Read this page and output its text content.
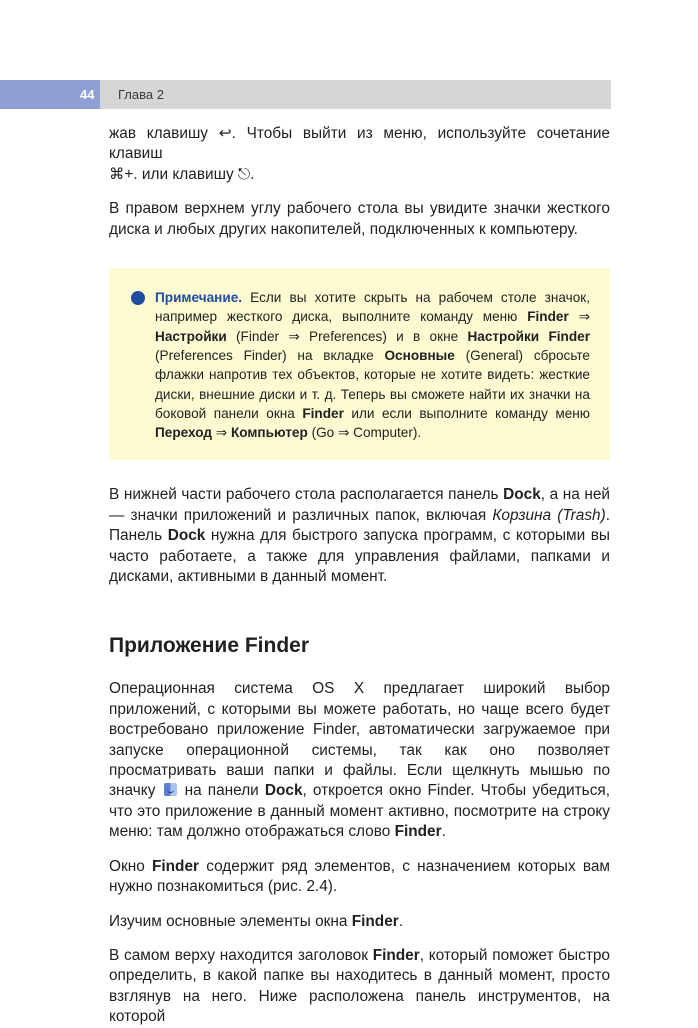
44 Глава 2

жав клавишу ↩. Чтобы выйти из меню, используйте сочетание клавиш
⌘+. или клавишу ⎋.

В правом верхнем углу рабочего стола вы увидите значки жесткого диска и любых других накопителей, подключенных к компьютеру.

Примечание. Если вы хотите скрыть на рабочем столе значок, например жесткого диска, выполните команду меню Finder ⇒ Настройки (Finder ⇒ Preferences) и в окне Настройки Finder (Preferences Finder) на вкладке Основные (General) сбросьте флажки напротив тех объектов, которые не хотите видеть: жесткие диски, внешние диски и т. д. Теперь вы сможете найти их значки на боковой панели окна Finder или если выполните команду меню Переход ⇒ Компьютер (Go ⇒ Computer).

В нижней части рабочего стола располагается панель Dock, а на ней — значки приложений и различных папок, включая Корзина (Trash). Панель Dock нужна для быстрого запуска программ, с которыми вы часто работаете, а также для управления файлами, папками и дисками, активными в данный момент.

Приложение Finder

Операционная система OS X предлагает широкий выбор приложений, с которыми вы можете работать, но чаще всего будет востребовано приложение Finder, автоматически загружаемое при запуске операционной системы, так как оно позволяет просматривать ваши папки и файлы. Если щелкнуть мышью по значку  на панели Dock, откроется окно Finder. Чтобы убедиться, что это приложение в данный момент активно, посмотрите на строку меню: там должно отображаться слово Finder.

Окно Finder содержит ряд элементов, с назначением которых вам нужно познакомиться (рис. 2.4).

Изучим основные элементы окна Finder.

В самом верху находится заголовок Finder, который поможет быстро определить, в какой папке вы находитесь в данный момент, просто взглянув на него. Ниже расположена панель инструментов, на которой
